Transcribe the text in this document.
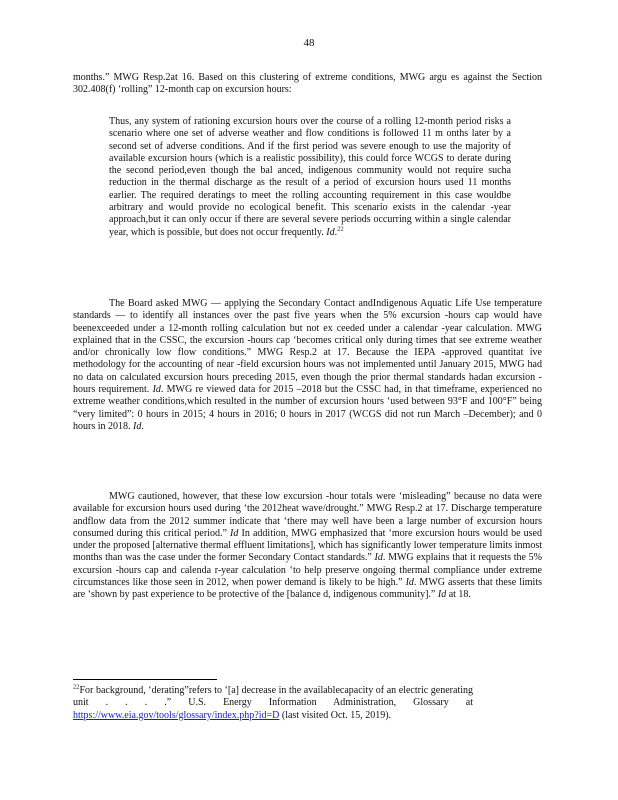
48

months.” MWG Resp.2at 16. Based on this clustering of extreme conditions, MWG argu es against the Section 302.408(f) ‘rolling” 12-month cap on excursion hours:

Thus, any system of rationing excursion hours over the course of a rolling 12-month period risks a scenario where one set of adverse weather and flow conditions is followed 11 m onths later by a second set of adverse conditions. And if the first period was severe enough to use the majority of available excursion hours (which is a realistic possibility), this could force WCGS to derate during the second period,even though the bal anced, indigenous community would not require sucha reduction in the thermal discharge as the result of a period of excursion hours used 11 months earlier. The required deratings to meet the rolling accounting requirement in this case wouldbe arbitrary and would provide no ecological benefit. This scenario exists in the calendar -year approach,but it can only occur if there are several severe periods occurring within a single calendar year, which is possible, but does not occur frequently. Id.$^{22}$

The Board asked MWG — applying the Secondary Contact andIndigenous Aquatic Life Use temperature standards — to identify all instances over the past five years when the 5% excursion -hours cap would have beenexceeded under a 12-month rolling calculation but not ex ceeded under a calendar -year calculation. MWG explained that in the CSSC, the excursion -hours cap ‘becomes critical only during times that see extreme weather and/or chronically low flow conditions.” MWG Resp.2 at 17. Because the IEPA -approved quantitat ive methodology for the accounting of near -field excursion hours was not implemented until January 2015, MWG had no data on calculated excursion hours preceding 2015, even though the prior thermal standards hadan excursion -hours requirement. Id. MWG re viewed data for 2015 –2018 but the CSSC had, in that timeframe, experienced no extreme weather conditions,which resulted in the number of excursion hours ‘used between 93°F and 100°F” being “very limited”: 0 hours in 2015; 4 hours in 2016; 0 hours in 2017 (WCGS did not run March –December); and 0 hours in 2018. Id.

MWG cautioned, however, that these low excursion -hour totals were ‘misleading” because no data were available for excursion hours used during ‘the 2012heat wave/drought.” MWG Resp.2 at 17. Discharge temperature andflow data from the 2012 summer indicate that ‘there may well have been a large number of excursion hours consumed during this critical period.” Id In addition, MWG emphasized that ‘more excursion hours would be used under the proposed [alternative thermal effluent limitations], which has significantly lower temperature limits inmost months than was the case under the former Secondary Contact standards.” Id. MWG explains that it requests the 5% excursion -hours cap and calenda r-year calculation ‘to help preserve ongoing thermal compliance under extreme circumstances like those seen in 2012, when power demand is likely to be high.” Id. MWG asserts that these limits are ‘shown by past experience to be protective of the [balance d, indigenous community].” Id at 18.

$^{22}$For background, ‘derating”refers to ‘[a] decrease in the availablecapacity of an electric generating unit . . . .” U.S. Energy Information Administration, Glossary at https://www.eia.gov/tools/glossary/index.php?id=D (last visited Oct. 15, 2019).
